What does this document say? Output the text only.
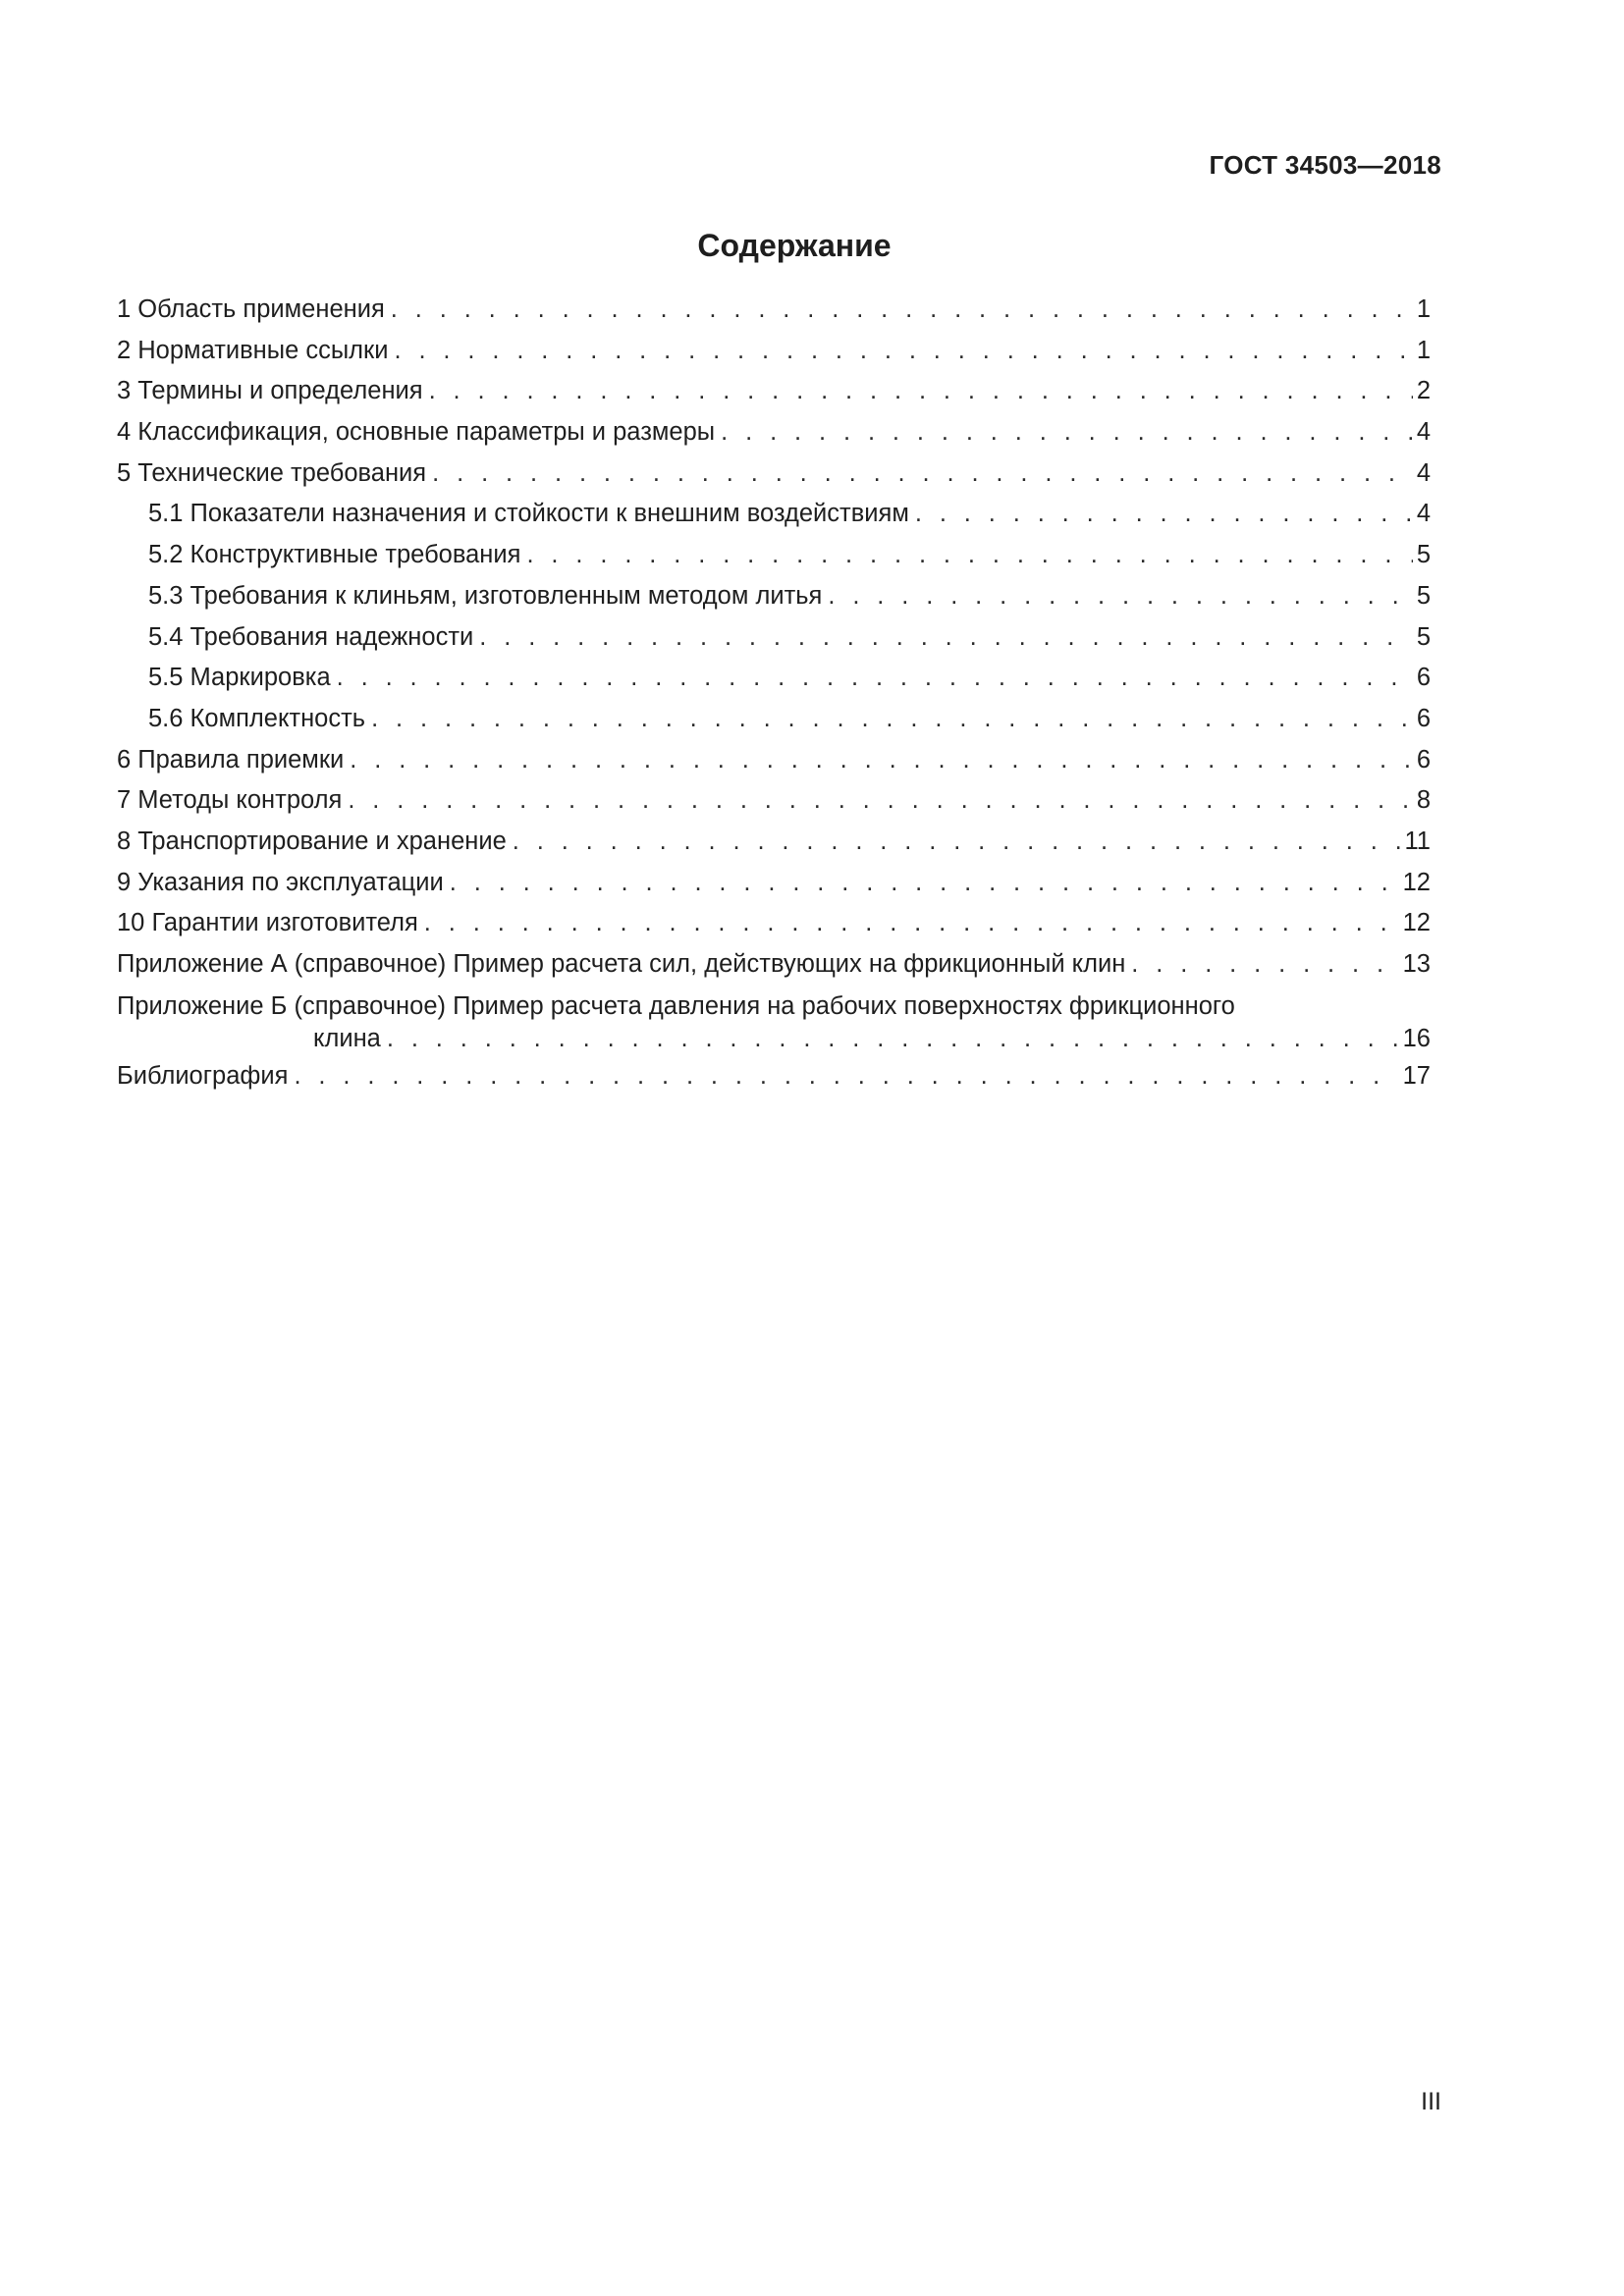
ГОСТ 34503—2018
Содержание
1 Область применения . . .	1
2 Нормативные ссылки . . .	1
3 Термины и определения . . .	2
4 Классификация, основные параметры и размеры . . .	4
5 Технические требования . . .	4
5.1 Показатели назначения и стойкости к внешним воздействиям . . .	4
5.2 Конструктивные требования . . .	5
5.3 Требования к клиньям, изготовленным методом литья . . .	5
5.4 Требования надежности . . .	5
5.5 Маркировка . . .	6
5.6 Комплектность . . .	6
6 Правила приемки . . .	6
7 Методы контроля . . .	8
8 Транспортирование и хранение . . .	11
9 Указания по эксплуатации . . .	12
10 Гарантии изготовителя . . .	12
Приложение А (справочное) Пример расчета сил, действующих на фрикционный клин . . .	13
Приложение Б (справочное) Пример расчета давления на рабочих поверхностях фрикционного
клина . . .	16
Библиография . . .	17
III
